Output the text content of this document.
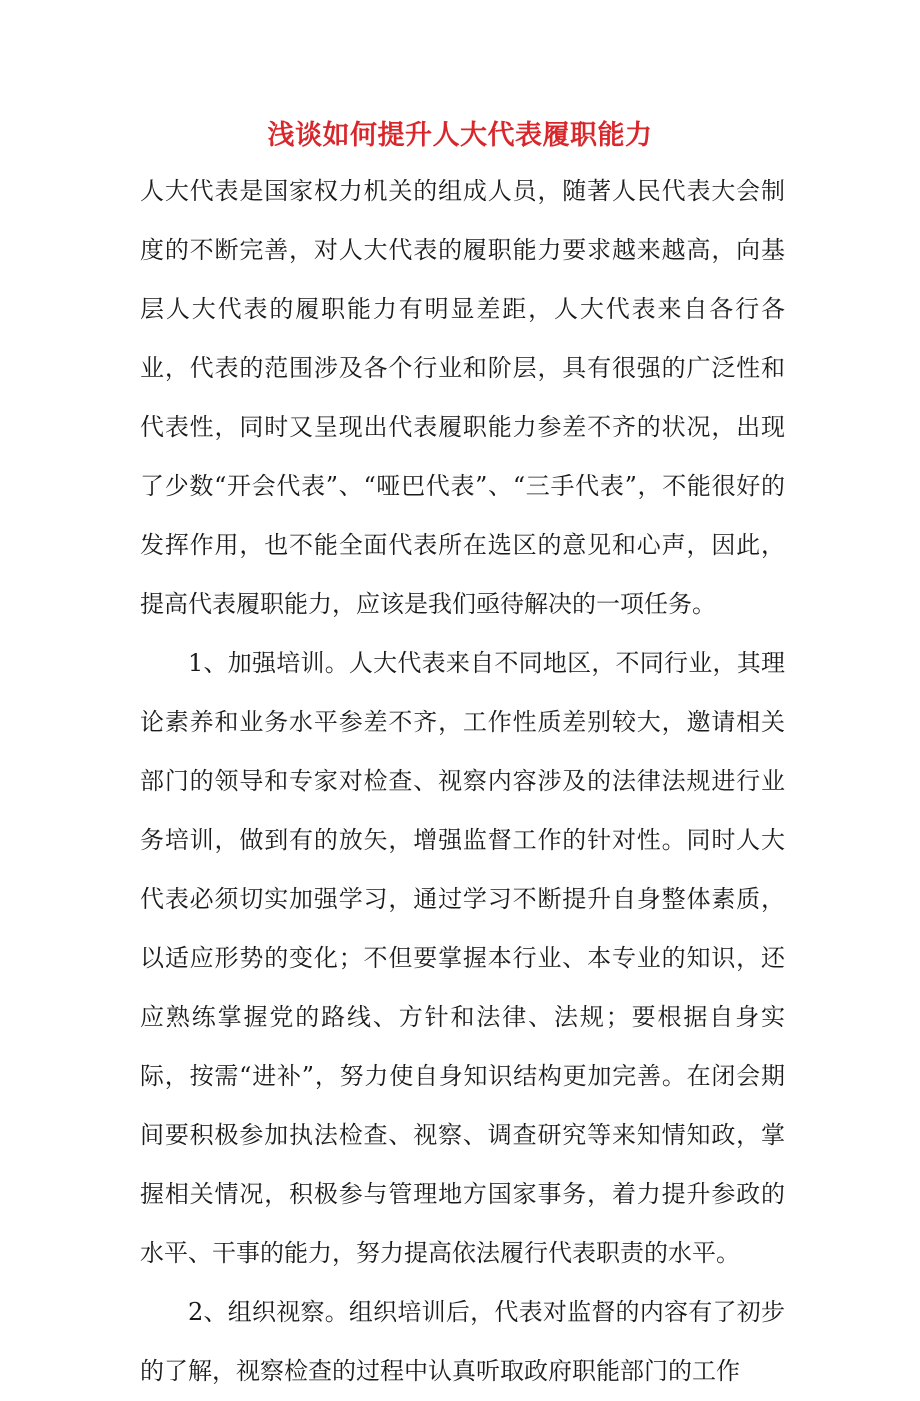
浅谈如何提升人大代表履职能力

人大代表是国家权力机关的组成人员，随著人民代表大会制度的不断完善，对人大代表的履职能力要求越来越高，向基层人大代表的履职能力有明显差距，人大代表来自各行各业，代表的范围涉及各个行业和阶层，具有很强的广泛性和代表性，同时又呈现出代表履职能力参差不齐的状况，出现了少数“开会代表”、“哑巴代表”、“三手代表”，不能很好的发挥作用，也不能全面代表所在选区的意见和心声，因此，提高代表履职能力，应该是我们亟待解决的一项任务。

1、加强培训。人大代表来自不同地区，不同行业，其理论素养和业务水平参差不齐，工作性质差别较大，邀请相关部门的领导和专家对检查、视察内容涉及的法律法规进行业务培训，做到有的放矢，增强监督工作的针对性。同时人大代表必须切实加强学习，通过学习不断提升自身整体素质，以适应形势的变化；不但要掌握本行业、本专业的知识，还应熟练掌握党的路线、方针和法律、法规；要根据自身实际，按需“进补”，努力使自身知识结构更加完善。在闭会期间要积极参加执法检查、视察、调查研究等来知情知政，掌握相关情况，积极参与管理地方国家事务，着力提升参政的水平、干事的能力，努力提高依法履行代表职责的水平。

2、组织视察。组织培训后，代表对监督的内容有了初步的了解，视察检查的过程中认真听取政府职能部门的工作
